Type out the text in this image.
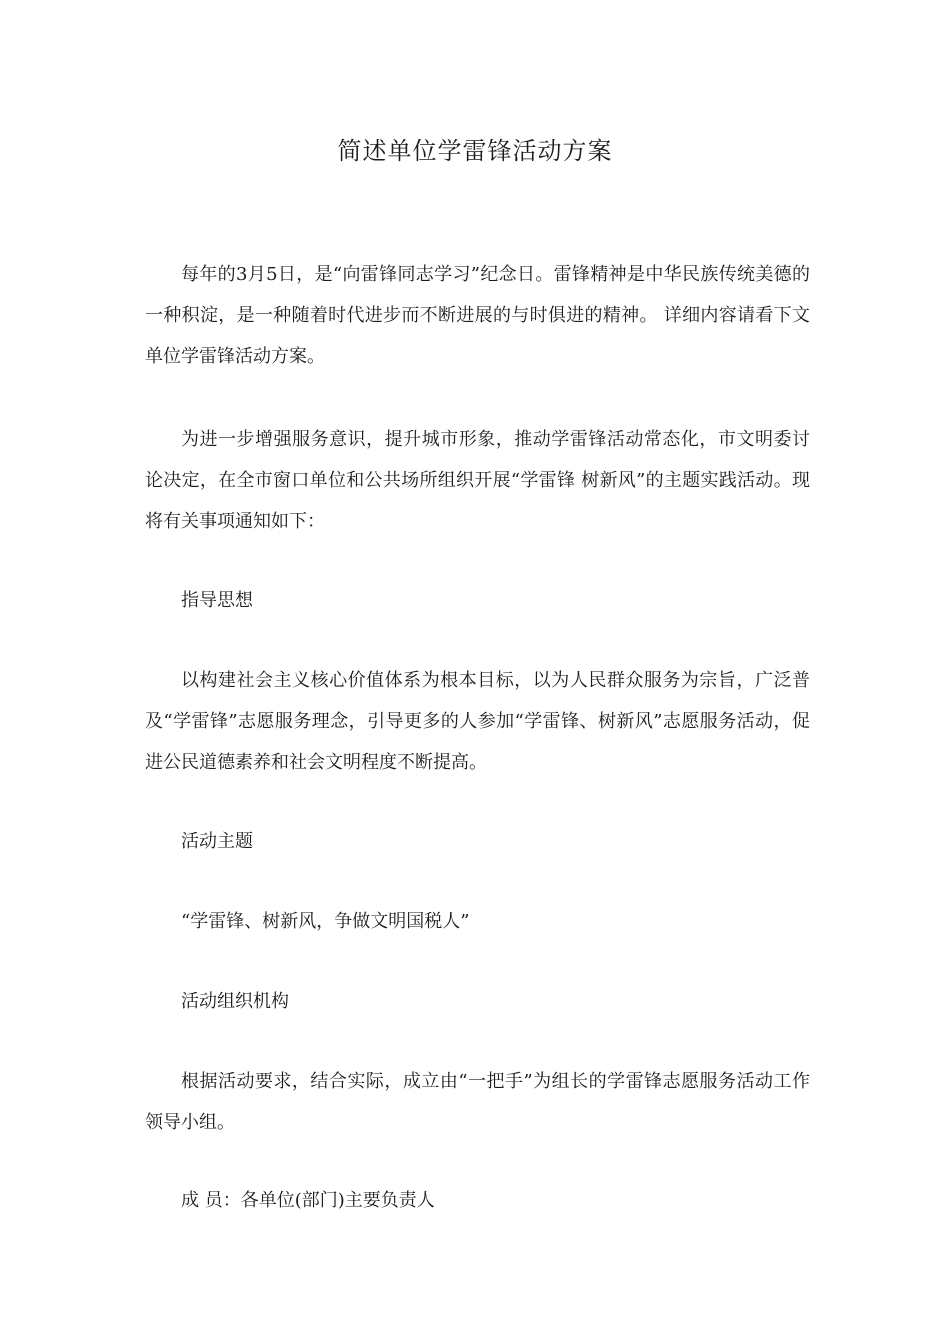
简述单位学雷锋活动方案

每年的3月5日，是“向雷锋同志学习”纪念日。雷锋精神是中华民族传统美德的一种积淀，是一种随着时代进步而不断进展的与时俱进的精神。 详细内容请看下文单位学雷锋活动方案。

为进一步增强服务意识，提升城市形象，推动学雷锋活动常态化，市文明委讨论决定，在全市窗口单位和公共场所组织开展“学雷锋 树新风”的主题实践活动。现将有关事项通知如下：

指导思想

以构建社会主义核心价值体系为根本目标，以为人民群众服务为宗旨，广泛普及“学雷锋”志愿服务理念，引导更多的人参加“学雷锋、树新风”志愿服务活动，促进公民道德素养和社会文明程度不断提高。

活动主题

“学雷锋、树新风，争做文明国税人”

活动组织机构

根据活动要求，结合实际，成立由“一把手”为组长的学雷锋志愿服务活动工作领导小组。

成 员：各单位(部门)主要负责人
